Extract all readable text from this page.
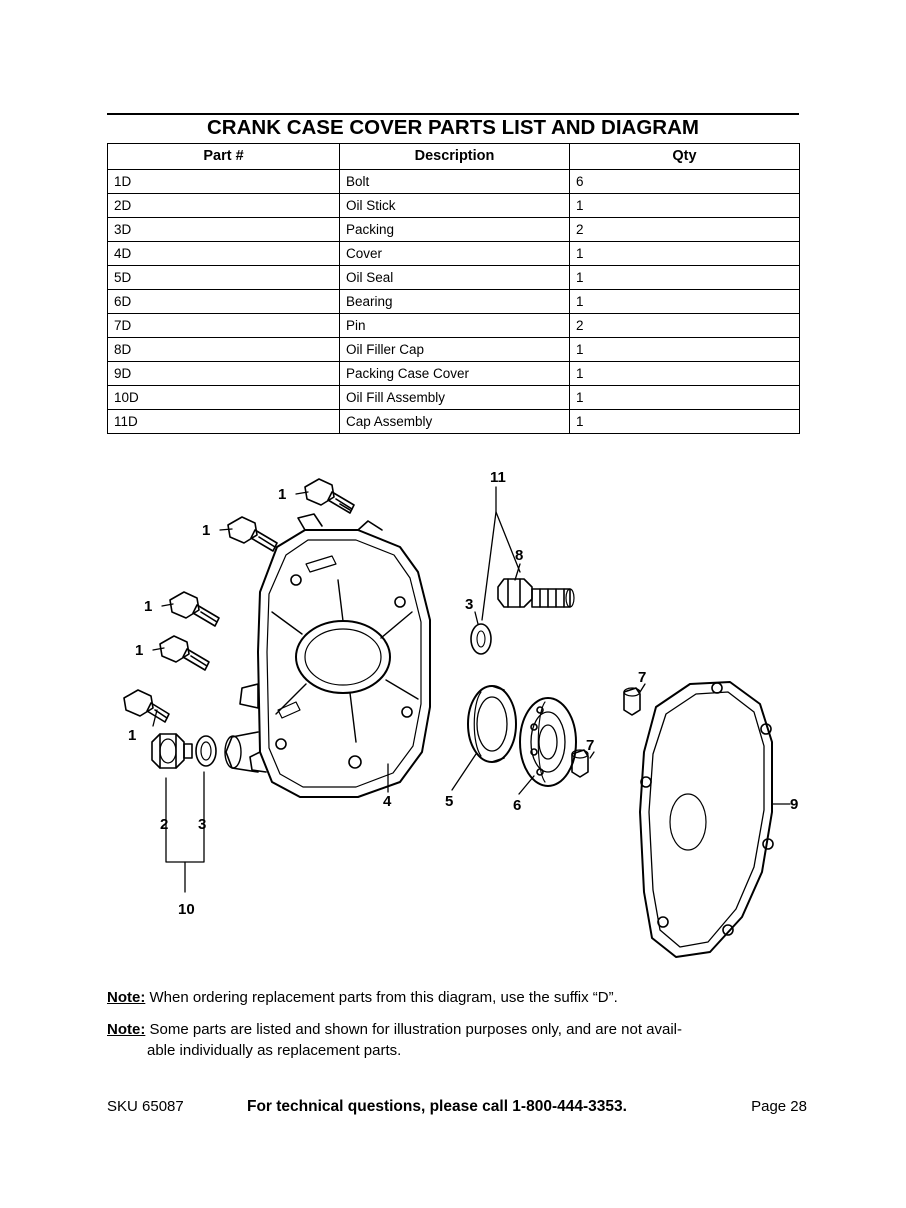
CRANK CASE COVER PARTS LIST AND DIAGRAM
Part #	Description	Qty
1D	Bolt	6
2D	Oil Stick	1
3D	Packing	2
4D	Cover	1
5D	Oil Seal	1
6D	Bearing	1
7D	Pin	2
8D	Oil Filler Cap	1
9D	Packing Case Cover	1
10D	Oil Fill Assembly	1
11D	Cap Assembly	1
1
1
1
1
1
11
8
3
2 3
10
4	5	6
7
7
9
Note: When ordering replacement parts from this diagram, use the suffix “D”.
Note: Some parts are listed and shown for illustration purposes only, and are not avail-
able individually as replacement parts.
SKU 65087	For technical questions, please call 1-800-444-3353.	Page 28
